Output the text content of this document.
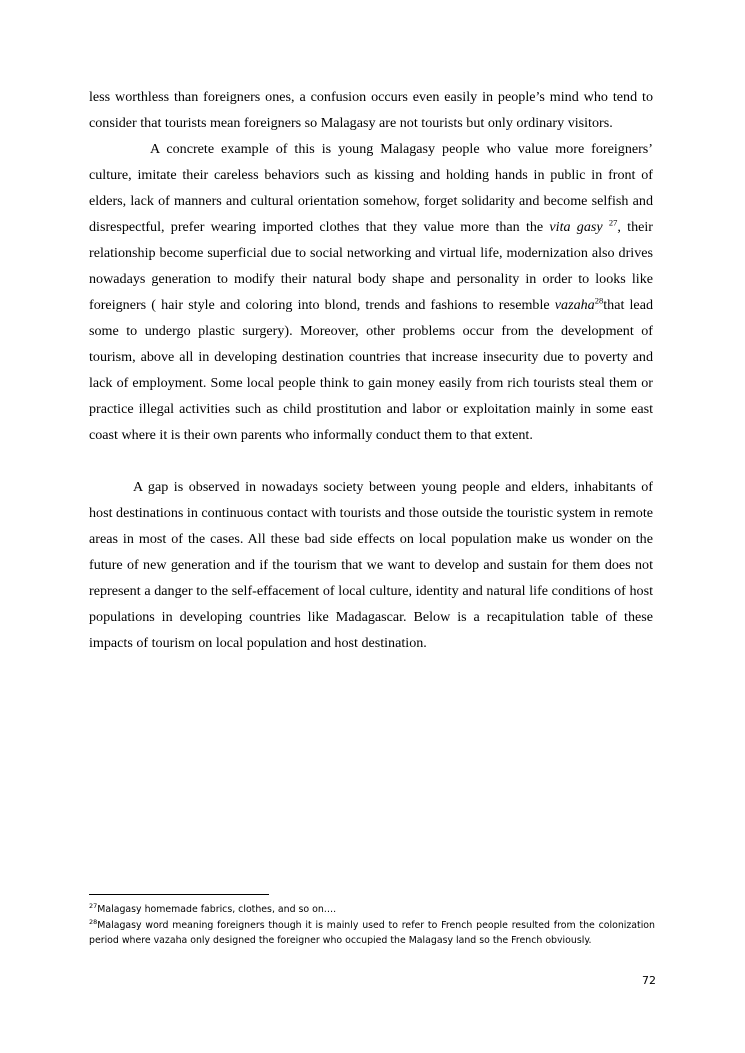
less worthless than foreigners ones, a confusion occurs even easily in people’s mind who tend to consider that tourists mean foreigners so Malagasy are not tourists but only ordinary visitors.

A concrete example of this is young Malagasy people who value more foreigners’ culture, imitate their careless behaviors such as kissing and holding hands in public in front of elders, lack of manners and cultural orientation somehow, forget solidarity and become selfish and disrespectful, prefer wearing imported clothes that they value more than the vita gasy $^{27}$, their relationship become superficial due to social networking and virtual life, modernization also drives nowadays generation to modify their natural body shape and personality in order to looks like foreigners ( hair style and coloring into blond, trends and fashions to resemble vazaha$^{28}$that lead some to undergo plastic surgery). Moreover, other problems occur from the development of tourism, above all in developing destination countries that increase insecurity due to poverty and lack of employment. Some local people think to gain money easily from rich tourists steal them or practice illegal activities such as child prostitution and labor or exploitation mainly in some east coast where it is their own parents who informally conduct them to that extent.

A gap is observed in nowadays society between young people and elders, inhabitants of host destinations in continuous contact with tourists and those outside the touristic system in remote areas in most of the cases. All these bad side effects on local population make us wonder on the future of new generation and if the tourism that we want to develop and sustain for them does not represent a danger to the self-effacement of local culture, identity and natural life conditions of host populations in developing countries like Madagascar. Below is a recapitulation table of these impacts of tourism on local population and host destination.

$^{27}$Malagasy homemade fabrics, clothes, and so on….

$^{28}$Malagasy word meaning foreigners though it is mainly used to refer to French people resulted from the colonization period where vazaha only designed the foreigner who occupied the Malagasy land so the French obviously.

72
